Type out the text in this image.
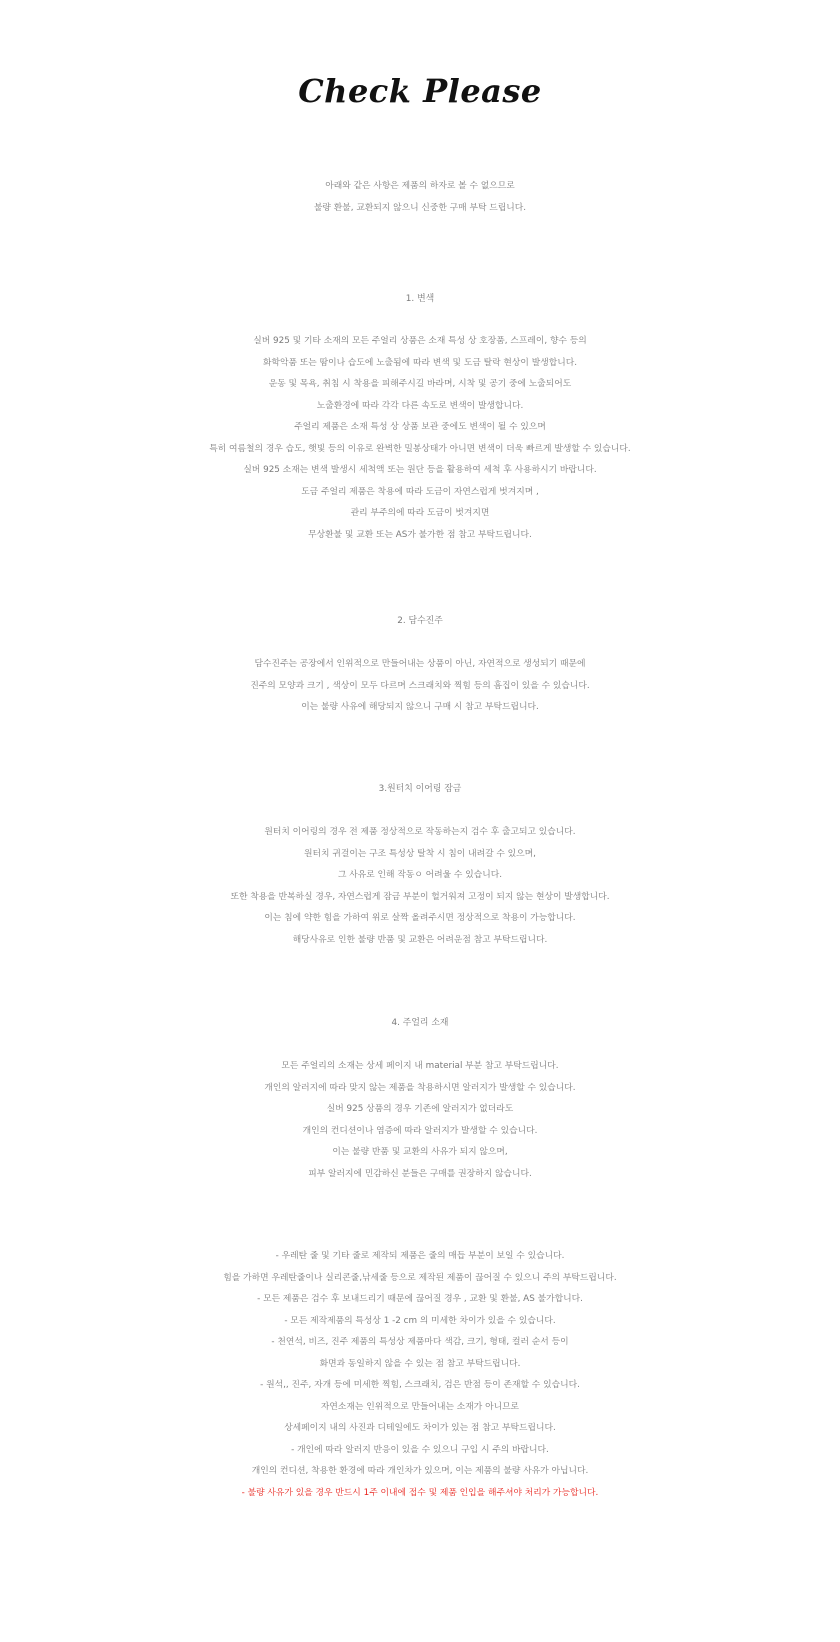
Check Please
아래와 같은 사항은 제품의 하자로 볼 수 없으므로
불량 환불, 교환되지 않으니 신중한 구매 부탁 드립니다.
1. 변색
실버 925 및 기타 소재의 모든 주얼리 상품은 소재 특성 상 호장품, 스프레이, 향수 등의
화학악품 또는 땀이나 습도에 노출됨에 따라 변색 및 도금 탈락 현상이 발생합니다.
운동 및 목욕, 취침 시 착용을 피해주시길 바라며, 시착 및 공기 중에 노출되어도
노출환경에 따라 각각 다른 속도로 변색이 발생합니다.
주얼리 제품은 소재 특성 상 상품 보관 중에도 변색이 될 수 있으며
특히 여름철의 경우 습도, 햇빛 등의 이유로 완벽한 밀봉상태가 아니면 변색이 더욱 빠르게 발생할 수 있습니다.
실버 925 소재는 변색 발생시 세척액 또는 원단 등을 활용하여 세척 후 사용하시기 바랍니다.
도금 주얼리 제품은 착용에 따라 도금이 자연스럽게 벗겨지며 ,
관리 부주의에 따라 도금이 벗겨지면
무상환불 및 교환 또는 AS가 불가한 점 참고 부탁드립니다.
2. 담수진주
담수진주는 공장에서 인위적으로 만들어내는 상품이 아닌, 자연적으로 생성되기 때문에
진주의 모양과 크기 , 색상이 모두 다르며 스크래치와 찍힘 등의 흠집이 있을 수 있습니다.
이는 불량 사유에 해당되지 않으니 구매 시 참고 부탁드립니다.
3.원터치 이어링 잠금
원터치 이어링의 경우 전 제품 정상적으로 작동하는지 검수 후 출고되고 있습니다.
원터치 귀걸이는 구조 특성상 탈착 시 침이 내려갈 수 있으며,
그 사유로 인해 작동ㅇ 어려울 수 있습니다.
또한 착용을 반복하실 경우, 자연스럽게 잠금 부분이 헐거워져 고정이 되지 않는 현상이 발생합니다.
이는 침에 약한 힘을 가하여 위로 살짝 올려주시면 정상적으로 착용이 가능합니다.
해당사유로 인한 불량 반품 및 교환은 어려운점 참고 부탁드립니다.
4. 주얼리 소재
모든 주얼리의 소재는 상세 페이지 내 material 부분 참고 부탁드립니다.
개인의 알러지에 따라 맞지 않는 제품을 착용하시면 알러지가 발생할 수 있습니다.
실버 925 상품의 경우 기존에 알러지가 없더라도
개인의 컨디션이나 염증에 따라 알러지가 발생할 수 있습니다.
이는 불량 반품 및 교환의 사유가 되지 않으며,
피부 알러지에 민감하신 분들은 구매를 권장하지 않습니다.
- 우레탄 줄 및 기타 줄로 제작되 제품은 줄의 매듭 부분이 보일 수 있습니다.
힘을 가하면 우레탄줄이나 실리콘줄,낚세줄 등으로 제작된 제품이 끊어질 수 있으니 주의 부탁드립니다.
- 모든 제품은 검수 후 보내드리기 때문에 끊어질 경우 , 교환 및 환불, AS 불가합니다.
- 모든 제작제품의 특성상 1 -2 cm 의 미세한 차이가 있을 수 있습니다.
- 천연석, 비즈, 진주 제품의 특성상 제품마다 색감, 크기, 형태, 컬러 순서 등이
화면과 동일하지 않을 수 있는 점 참고 부탁드립니다.
- 원석,, 진주, 자개 등에 미세한 찍힘, 스크래치, 검은 반점 등이 존재할 수 있습니다.
자연소재는 인위적으로 만들어내는 소재가 아니므로
상세페이지 내의 사진과 디테일에도 차이가 있는 점 참고 부탁드립니다.
- 개인에 따라 알러지 반응이 있을 수 있으니 구입 시 주의 바랍니다.
개인의 컨디션, 착용한 환경에 따라 개인차가 있으며, 이는 제품의 불량 사유가 아닙니다.
- 불량 사유가 있을 경우 반드시 1주 이내에 접수 및 제품 인입을 해주셔야 처리가 가능합니다.
